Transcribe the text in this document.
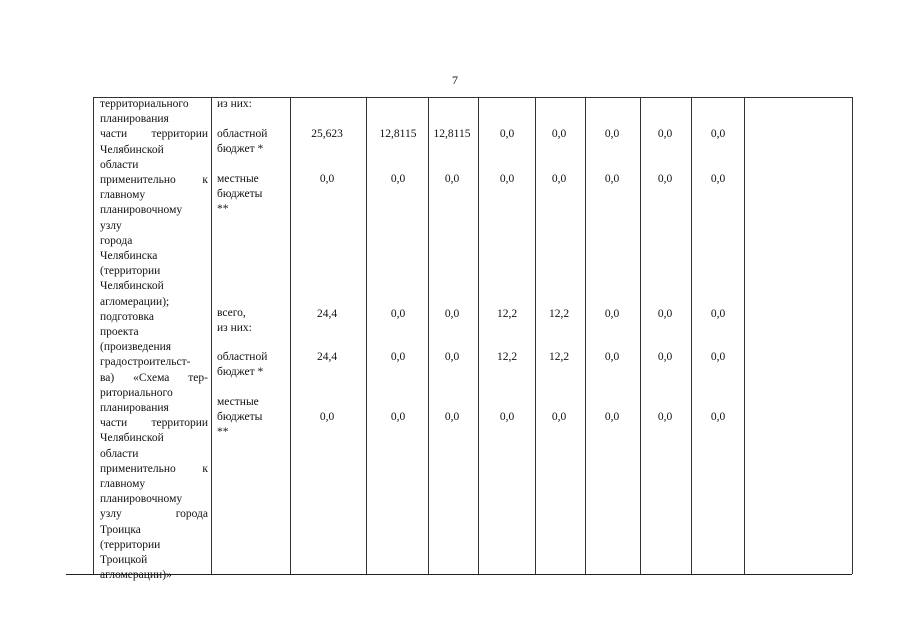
7
территориального
планирования
части территории
Челябинской
области
применительно к
главному
планировочному
узлу
города
Челябинска
(территории
Челябинской
агломерации);
подготовка
проекта
(произведения
градостроительст-
ва) «Схема тер-
риториального
планирования
части территории
Челябинской
области
применительно к
главному
планировочному
узлу города
Троицка
(территории
Троицкой
агломерации)»
из них:
областной
бюджет *
25,623	12,8115	12,8115	0,0	0,0	0,0	0,0	0,0
местные
бюджеты
**
0,0	0,0	0,0	0,0	0,0	0,0	0,0	0,0
всего,
из них:
24,4	0,0	0,0	12,2	12,2	0,0	0,0	0,0
областной
бюджет *
24,4	0,0	0,0	12,2	12,2	0,0	0,0	0,0
местные
бюджеты
**
0,0	0,0	0,0	0,0	0,0	0,0	0,0	0,0
